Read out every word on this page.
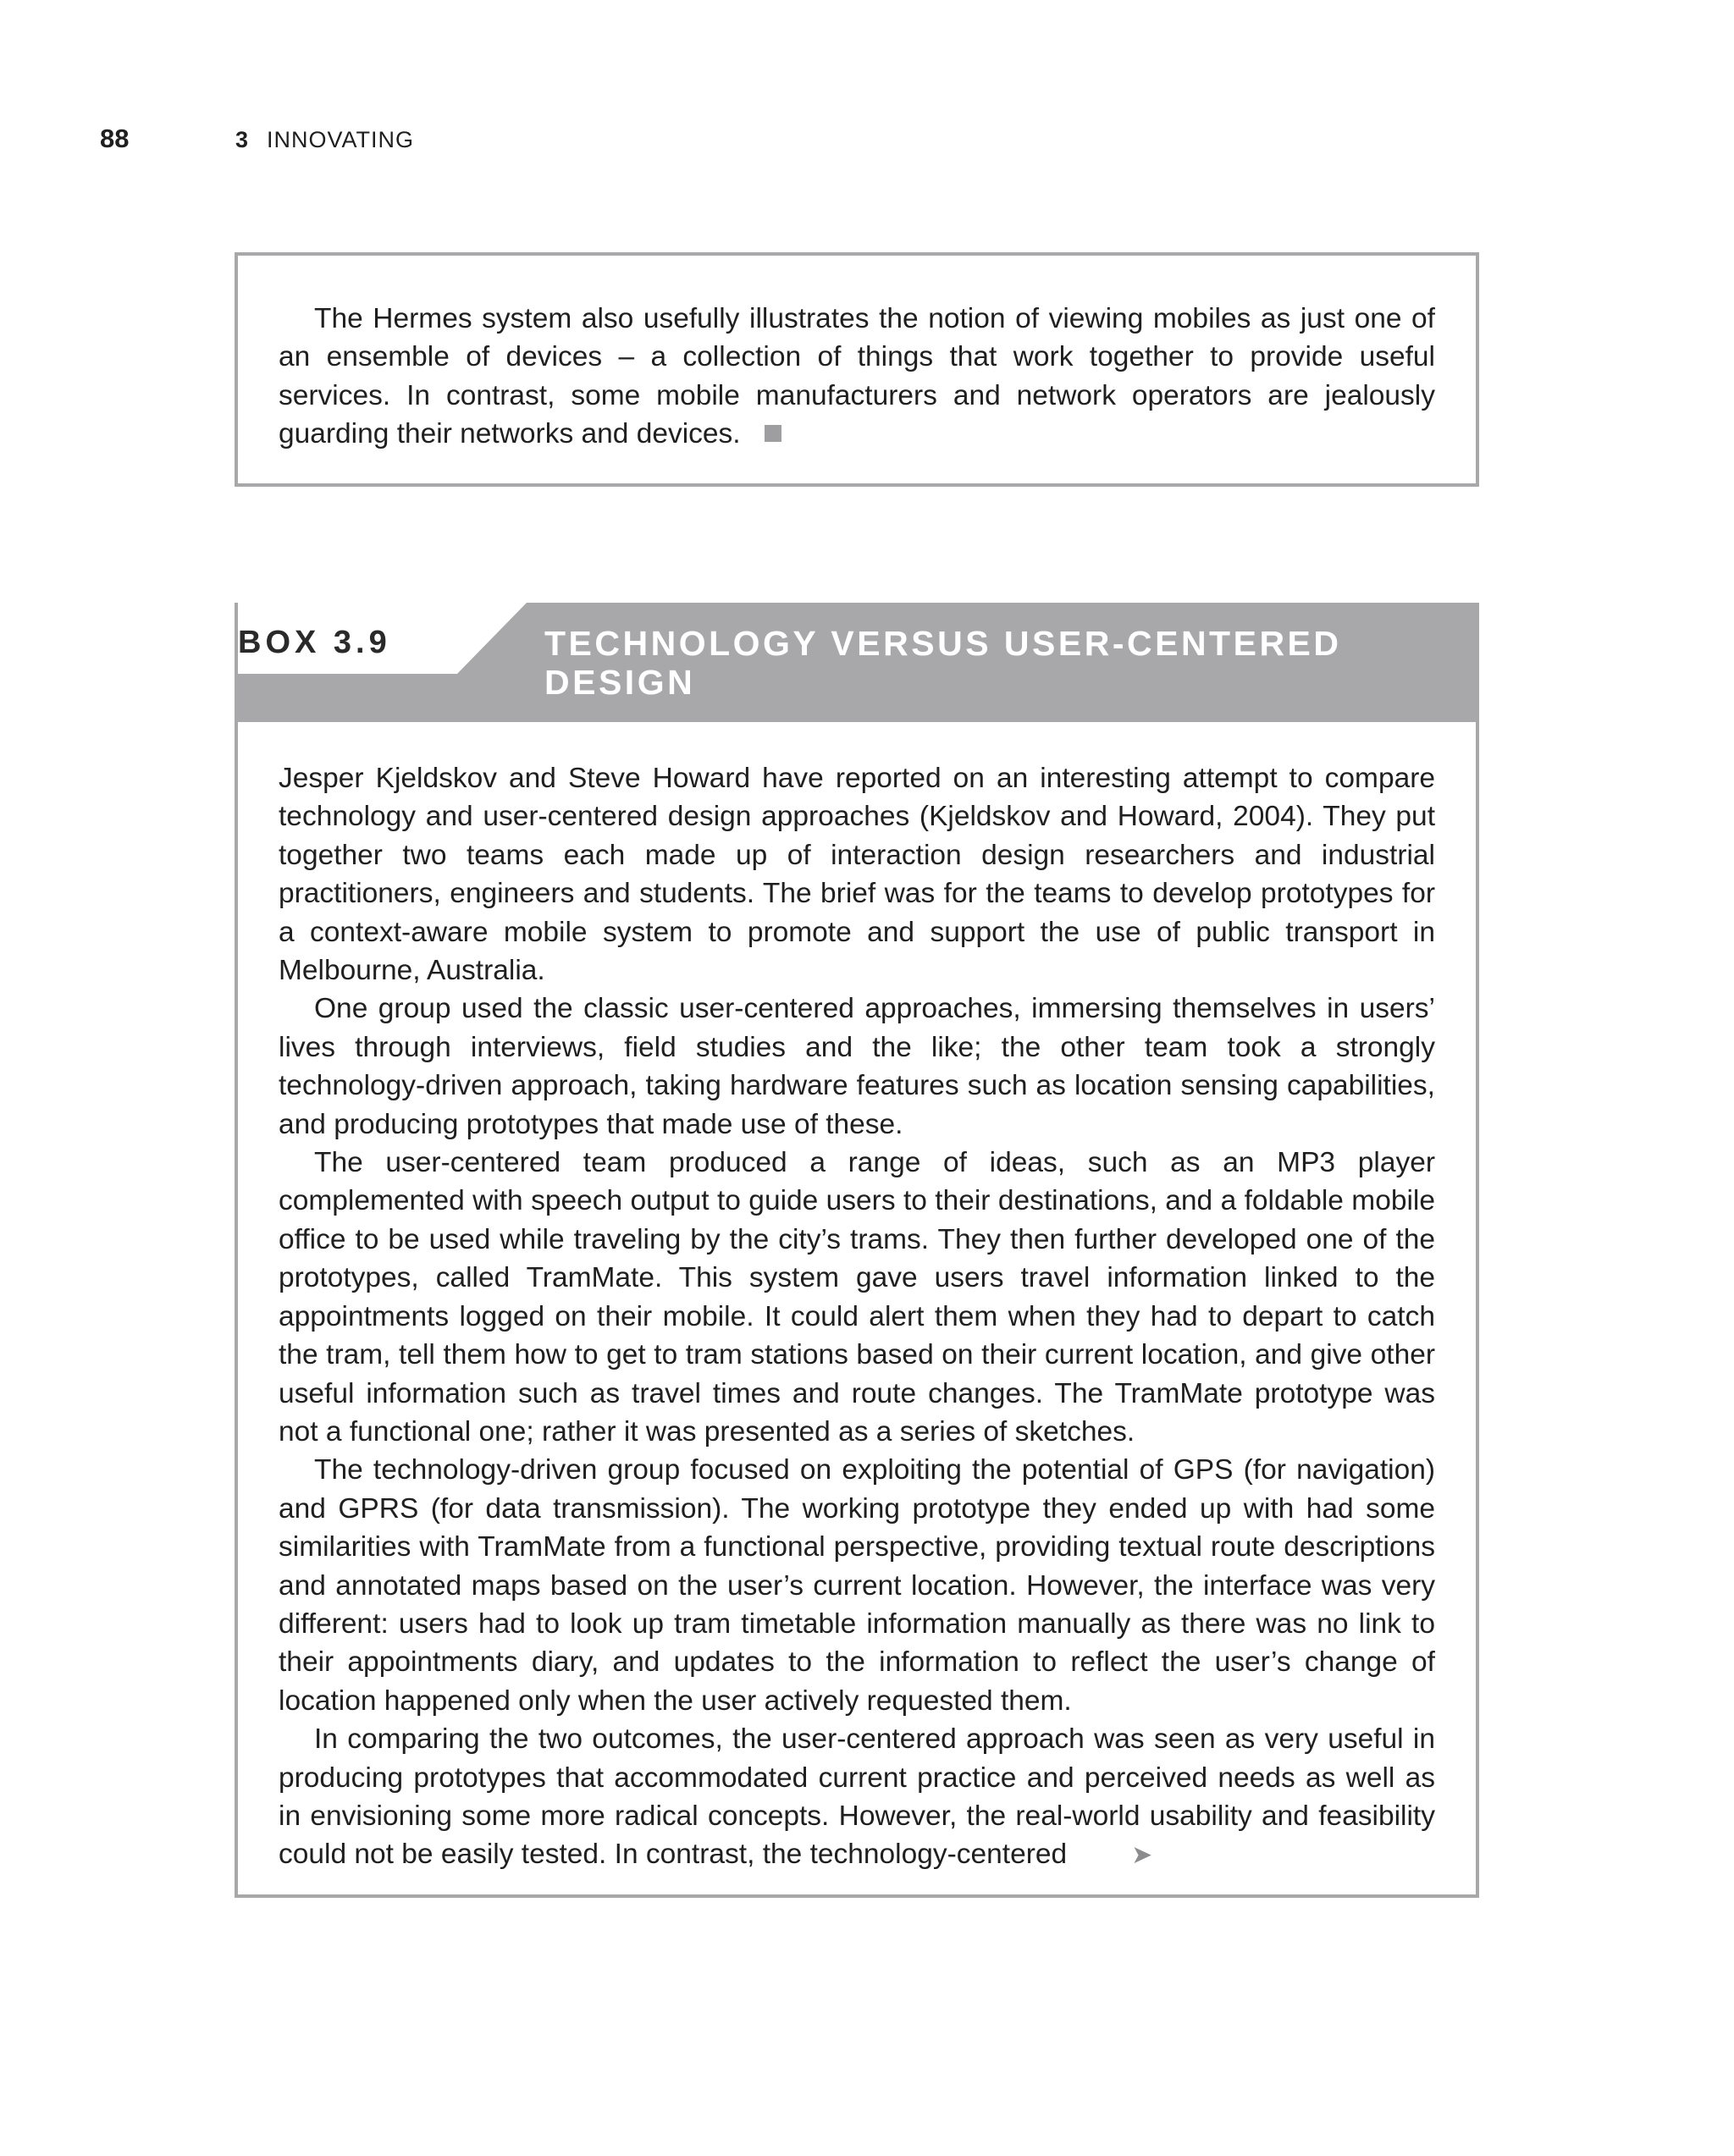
88	3 INNOVATING

The Hermes system also usefully illustrates the notion of viewing mobiles as just one of an ensemble of devices – a collection of things that work together to provide useful services. In contrast, some mobile manufacturers and network operators are jealously guarding their networks and devices.

BOX 3.9	TECHNOLOGY VERSUS USER-CENTERED DESIGN

Jesper Kjeldskov and Steve Howard have reported on an interesting attempt to compare technology and user-centered design approaches (Kjeldskov and Howard, 2004). They put together two teams each made up of interaction design researchers and industrial practitioners, engineers and students. The brief was for the teams to develop prototypes for a context-aware mobile system to promote and support the use of public transport in Melbourne, Australia.

One group used the classic user-centered approaches, immersing themselves in users’ lives through interviews, field studies and the like; the other team took a strongly technology-driven approach, taking hardware features such as location sensing capabilities, and producing prototypes that made use of these.

The user-centered team produced a range of ideas, such as an MP3 player complemented with speech output to guide users to their destinations, and a foldable mobile office to be used while traveling by the city’s trams. They then further developed one of the prototypes, called TramMate. This system gave users travel information linked to the appointments logged on their mobile. It could alert them when they had to depart to catch the tram, tell them how to get to tram stations based on their current location, and give other useful information such as travel times and route changes. The TramMate prototype was not a functional one; rather it was presented as a series of sketches.

The technology-driven group focused on exploiting the potential of GPS (for navigation) and GPRS (for data transmission). The working prototype they ended up with had some similarities with TramMate from a functional perspective, providing textual route descriptions and annotated maps based on the user’s current location. However, the interface was very different: users had to look up tram timetable information manually as there was no link to their appointments diary, and updates to the information to reflect the user’s change of location happened only when the user actively requested them.

In comparing the two outcomes, the user-centered approach was seen as very useful in producing prototypes that accommodated current practice and perceived needs as well as in envisioning some more radical concepts. However, the real-world usability and feasibility could not be easily tested. In contrast, the technology-centered	➤
